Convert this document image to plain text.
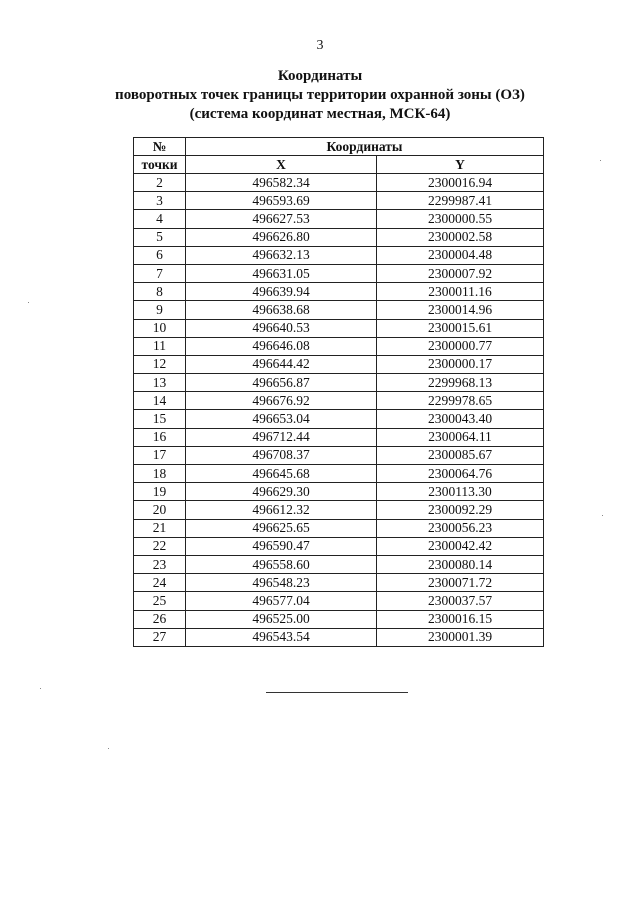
3
Координаты
поворотных точек границы территории охранной зоны (ОЗ)
(система координат местная, МСК-64)
№	Координаты	
точки	X	Y
2	496582.34	2300016.94
3	496593.69	2299987.41
4	496627.53	2300000.55
5	496626.80	2300002.58
6	496632.13	2300004.48
7	496631.05	2300007.92
8	496639.94	2300011.16
9	496638.68	2300014.96
10	496640.53	2300015.61
11	496646.08	2300000.77
12	496644.42	2300000.17
13	496656.87	2299968.13
14	496676.92	2299978.65
15	496653.04	2300043.40
16	496712.44	2300064.11
17	496708.37	2300085.67
18	496645.68	2300064.76
19	496629.30	2300113.30
20	496612.32	2300092.29
21	496625.65	2300056.23
22	496590.47	2300042.42
23	496558.60	2300080.14
24	496548.23	2300071.72
25	496577.04	2300037.57
26	496525.00	2300016.15
27	496543.54	2300001.39
